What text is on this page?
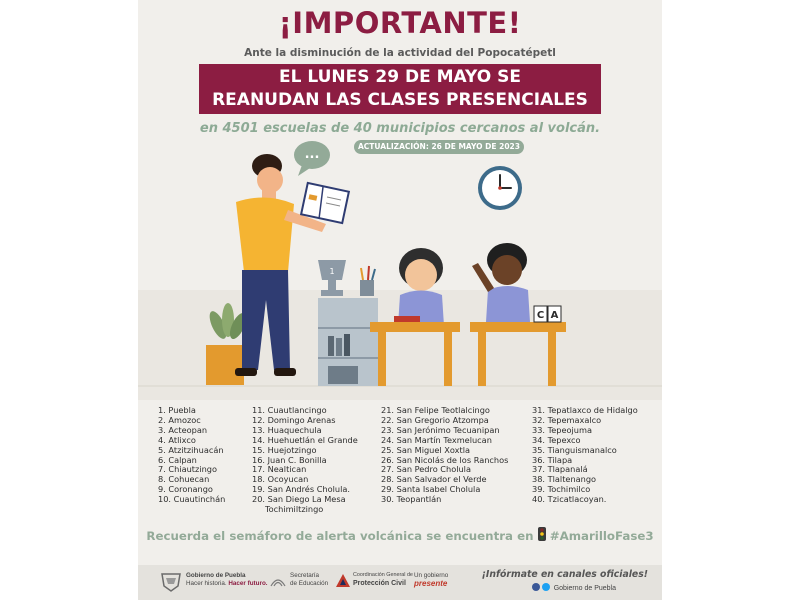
¡IMPORTANTE!
Ante la disminución de la actividad del Popocatépetl
EL LUNES 29 DE MAYO SE
REANUDAN LAS CLASES PRESENCIALES
en 4501 escuelas de 40 municipios cercanos al volcán.
ACTUALIZACIÓN: 26 DE MAYO DE 2023
...
1
C A
1. Puebla
2. Amozoc
3. Acteopan
4. Atlixco
5. Atzitzihuacán
6. Calpan
7. Chiautzingo
8. Cohuecan
9. Coronango
10. Cuautinchán
11. Cuautlancingo
12. Domingo Arenas
13. Huaquechula
14. Huehuetlán el Grande
15. Huejotzingo
16. Juan C. Bonilla
17. Nealtican
18. Ocoyucan
19. San Andrés Cholula.
20. San Diego La Mesa
Tochimiltzingo
21. San Felipe Teotlalcingo
22. San Gregorio Atzompa
23. San Jerónimo Tecuanipan
24. San Martín Texmelucan
25. San Miguel Xoxtla
26. San Nicolás de los Ranchos
27. San Pedro Cholula
28. San Salvador el Verde
29. Santa Isabel Cholula
30. Teopantlán
31. Tepatlaxco de Hidalgo
32. Tepemaxalco
33. Tepeojuma
34. Tepexco
35. Tianguismanalco
36. Tilapa
37. Tlapanalá
38. Tlaltenango
39. Tochimilco
40. Tzicatlacoyan.
Recuerda el semáforo de alerta volcánica se encuentra en #AmarilloFase3
Gobierno de Puebla
Hacer historia. Hacer futuro.
Secretaría
de Educación
Coordinación General de
Protección Civil
Un gobierno
presente
¡Infórmate en canales oficiales!
Gobierno de Puebla
